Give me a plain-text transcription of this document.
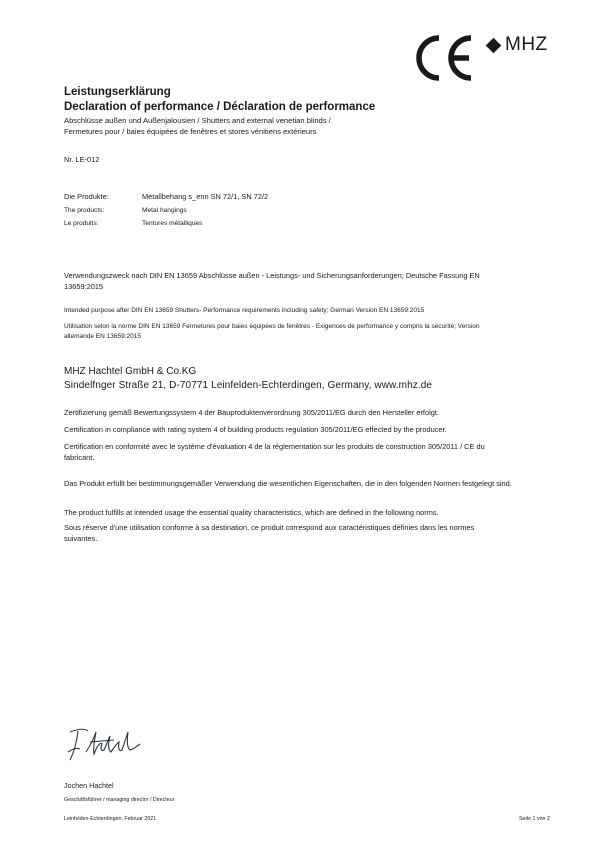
MHZ
Leistungserklärung
Declaration of performance / Déclaration de performance
Abschlüsse außen und Außenjalousien / Shutters and external venetian blinds /
Fermetures pour / baies équipées de fenêtres et stores vénitiens extérieurs
Nr. LE-012
Die Produkte:	Metallbehang s_enn SN 72/1, SN 72/2
The products:	Metal hangings
Le produits:	Tentures métalliques
Verwendungszweck nach DIN EN 13659 Abschlüsse außen - Leistungs- und Sicherungsanforderungen; Deutsche Fassung EN 13659:2015
Intended purpose after DIN EN 13659 Shutters- Performance requirements including safety; German Version EN 13659:2015
Utilisation selon la norme DIN EN 13659 Fermetures pour baies équipées de fenêtres - Exigences de performance y compris la sécurité; Version allemande EN 13659:2015
MHZ Hachtel GmbH & Co.KG
Sindelfnger Straße 21, D-70771 Leinfelden-Echterdingen, Germany, www.mhz.de
Zertifizierung gemäß Bewertungssystem 4 der Bauproduktenverordnung 305/2011/EG durch den Hersteller erfolgt.
Certification in compliance with rating system 4 of building products regulation 305/2011/EG effected by the producer.
Certification en conformité avec le système d'évaluation 4 de la réglementation sur les produits de construction 305/2011 / CE du fabricant.
Das Produkt erfüllt bei bestimmungsgemäßer Verwendung die wesentlichen Eigenschaften, die in den folgenden Normen festgelegt sind.
The product fulfills at intended usage the essential quality characteristics, which are defined in the following norms.
Sous réserve d'une utilisation conforme à sa destination, ce produit correspond aux caractéristiques définies dans les normes suivantes.
Jochen Hachtel
Geschäftsführer / managing director / Directeur
Leinfelden-Echterdingen, Februar 2021	Seite 1 von 2
